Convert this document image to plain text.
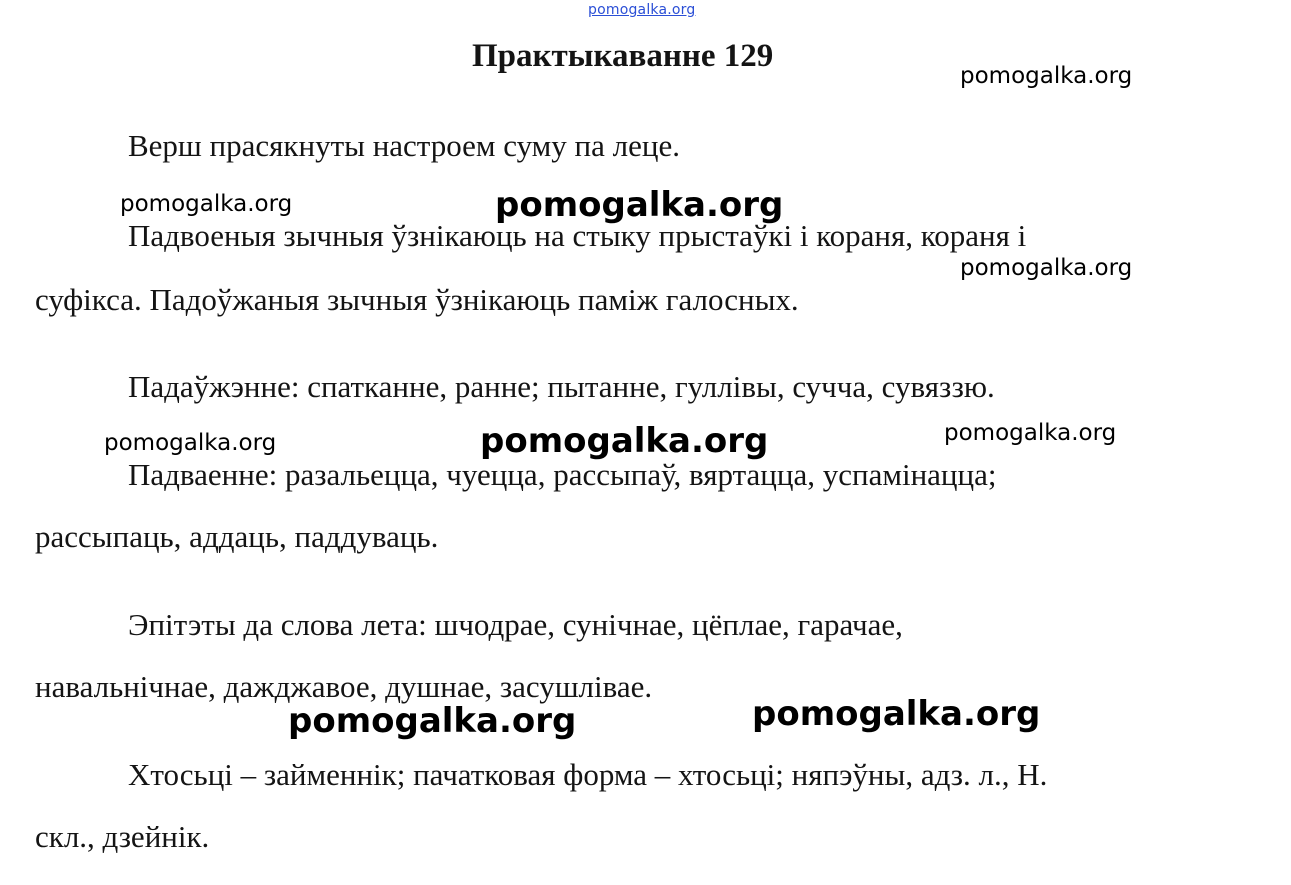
pomogalka.org
Практыкаванне 129
Верш прасякнуты настроем суму па леце.
Падвоеныя зычныя ўзнікаюць на стыку прыстаўкі і кораня, кораня і
суфікса. Падоўжаныя зычныя ўзнікаюць паміж галосных.
Падаўжэнне: спатканне, ранне; пытанне, гуллівы, сучча, сувяззю.
Падваенне: разальецца, чуецца, рассыпаў, вяртацца, успамінацца;
рассыпаць, аддаць, паддуваць.
Эпітэты да слова лета: шчодрае, сунічнае, цёплае, гарачае,
навальнічнае, дажджавое, душнае, засушлівае.
Хтосьці – займеннік; пачатковая форма – хтосьці; няпэўны, адз. л., Н.
скл., дзейнік.
pomogalka.org
pomogalka.org	pomogalka.org
pomogalka.org
pomogalka.org	pomogalka.org	pomogalka.org
pomogalka.org	pomogalka.org
